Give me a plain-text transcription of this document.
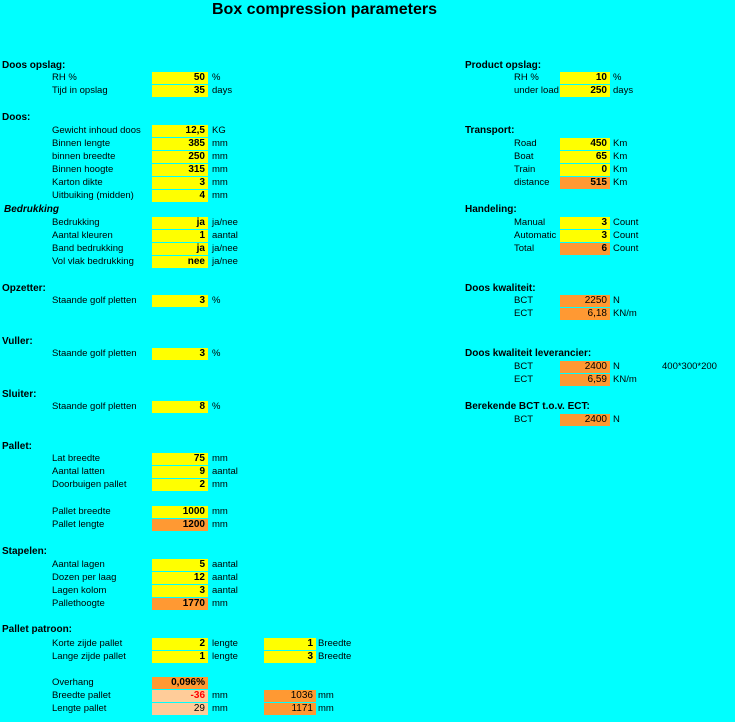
Box compression parameters
Doos opslag:
RH %	50 %
Tijd in opslag	35 days
Doos:
Gewicht inhoud doos	12,5 KG
Binnen lengte	385 mm
binnen breedte	250 mm
Binnen hoogte	315 mm
Karton dikte	3 mm
Uitbuiking (midden)	4 mm
Bedrukking
Bedrukking	ja ja/nee
Aantal kleuren	1 aantal
Band bedrukking	ja ja/nee
Vol vlak bedrukking	nee ja/nee
Opzetter:
Staande golf pletten	3 %
Vuller:
Staande golf pletten	3 %
Sluiter:
Staande golf pletten	8 %
Pallet:
Lat breedte	75 mm
Aantal latten	9 aantal
Doorbuigen pallet	2 mm
Pallet breedte	1000 mm
Pallet lengte	1200 mm
Stapelen:
Aantal lagen	5 aantal
Dozen per laag	12 aantal
Lagen kolom	3 aantal
Pallethoogte	1770 mm
Pallet patroon:
Korte zijde pallet	2 lengte	1 Breedte
Lange zijde pallet	1 lengte	3 Breedte
Overhang	0,096%
Breedte pallet	-36 mm	1036 mm
Lengte pallet	29 mm	1171 mm
Product opslag:
RH %	10 %
under load	250 days
Transport:
Road	450 Km
Boat	65 Km
Train	0 Km
distance	515 Km
Handeling:
Manual	3 Count
Automatic	3 Count
Total	6 Count
Doos kwaliteit:
BCT	2250 N
ECT	6,18 KN/m
Doos kwaliteit leverancier:
BCT	2400 N	400*300*200
ECT	6,59 KN/m
Berekende BCT t.o.v. ECT:
BCT	2400 N
